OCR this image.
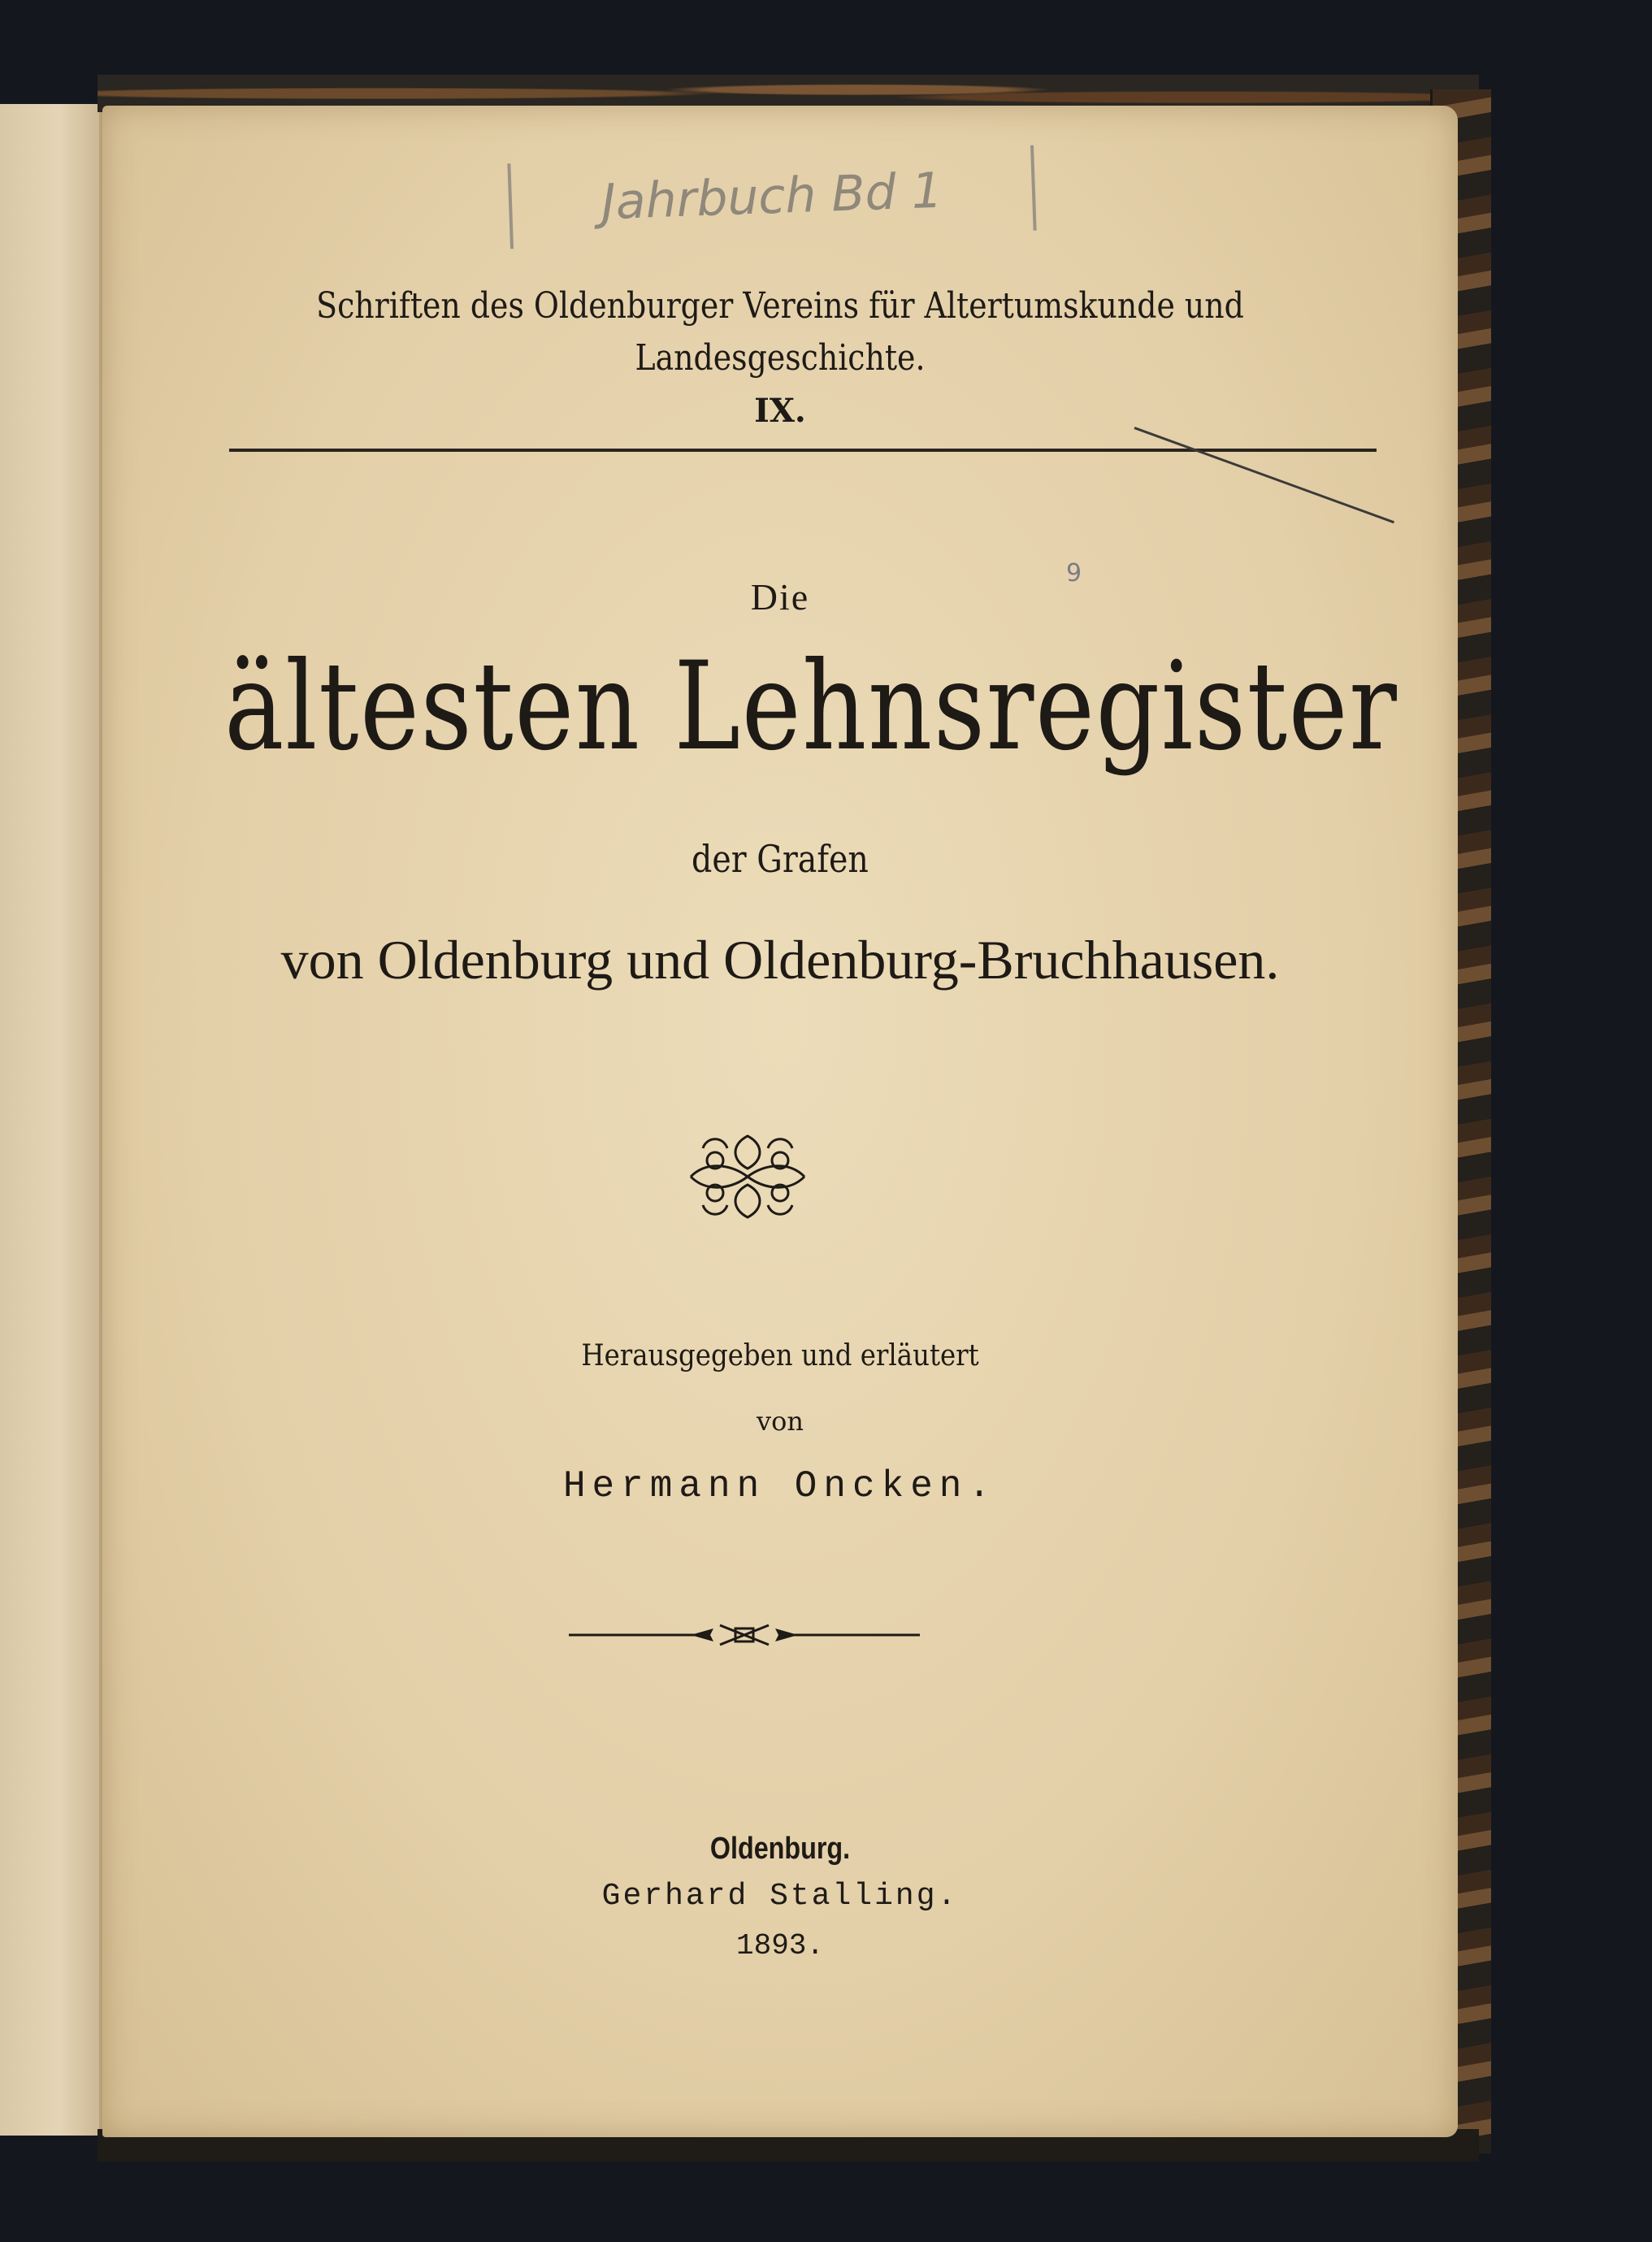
Jahrbuch Bd 1
Schriften des Oldenburger Vereins für Altertumskunde und
Landesgeschichte.
IX.
9
Die
ältesten Lehnsregister
der Grafen
von Oldenburg und Oldenburg-Bruchhausen.
Herausgegeben und erläutert
von
Hermann Oncken.
Oldenburg.
Gerhard Stalling.
1893.
